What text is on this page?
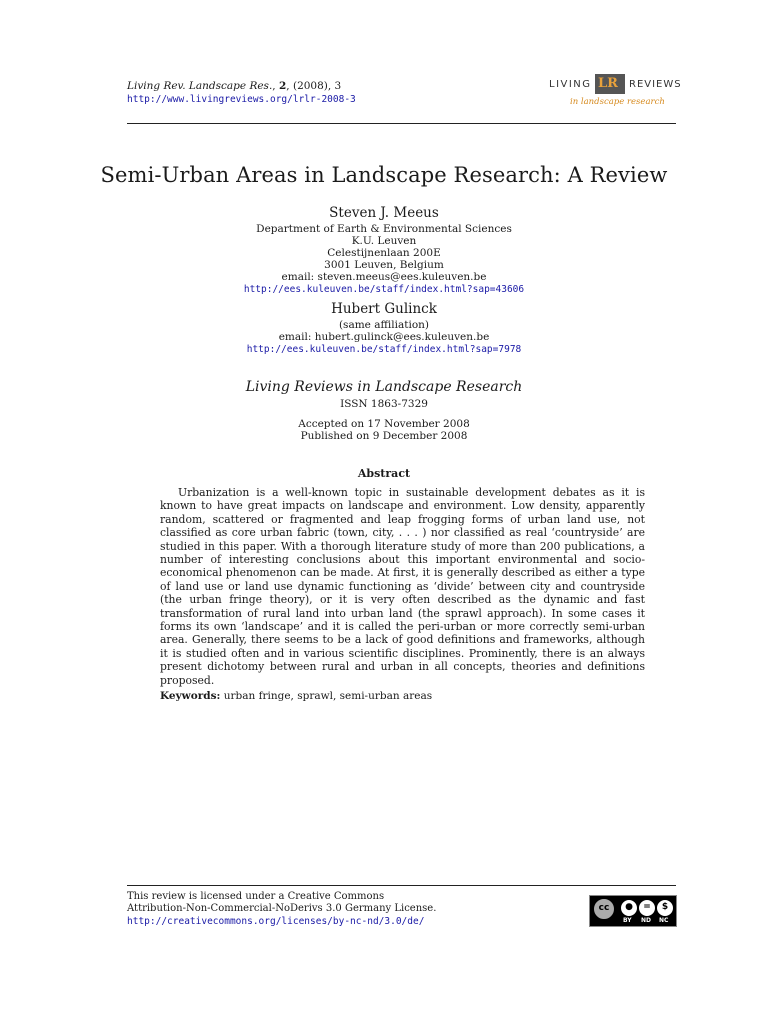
Living Rev. Landscape Res., 2, (2008), 3
http://www.livingreviews.org/lrlr-2008-3
LIVING LR REVIEWS
in landscape research
Semi-Urban Areas in Landscape Research: A Review
Steven J. Meeus
Department of Earth & Environmental Sciences
K.U. Leuven
Celestijnenlaan 200E
3001 Leuven, Belgium
email: steven.meeus@ees.kuleuven.be
http://ees.kuleuven.be/staff/index.html?sap=43606
Hubert Gulinck
(same affiliation)
email: hubert.gulinck@ees.kuleuven.be
http://ees.kuleuven.be/staff/index.html?sap=7978
Living Reviews in Landscape Research
ISSN 1863-7329
Accepted on 17 November 2008
Published on 9 December 2008
Abstract
Urbanization is a well-known topic in sustainable development debates as it is known to have great impacts on landscape and environment. Low density, apparently random, scattered or fragmented and leap frogging forms of urban land use, not classified as core urban fabric (town, city, . . . ) nor classified as real ‘countryside’ are studied in this paper. With a thorough literature study of more than 200 publications, a number of interesting conclusions about this important environmental and socio-economical phenomenon can be made. At first, it is generally described as either a type of land use or land use dynamic functioning as ‘divide’ between city and countryside (the urban fringe theory), or it is very often described as the dynamic and fast transformation of rural land into urban land (the sprawl approach). In some cases it forms its own ‘landscape’ and it is called the peri-urban or more correctly semi-urban area. Generally, there seems to be a lack of good definitions and frameworks, although it is studied often and in various scientific disciplines. Prominently, there is an always present dichotomy between rural and urban in all concepts, theories and definitions proposed.
Keywords: urban fringe, sprawl, semi-urban areas
This review is licensed under a Creative Commons
Attribution-Non-Commercial-NoDerivs 3.0 Germany License.
http://creativecommons.org/licenses/by-nc-nd/3.0/de/
cc	●	=	$
BY ND NC
